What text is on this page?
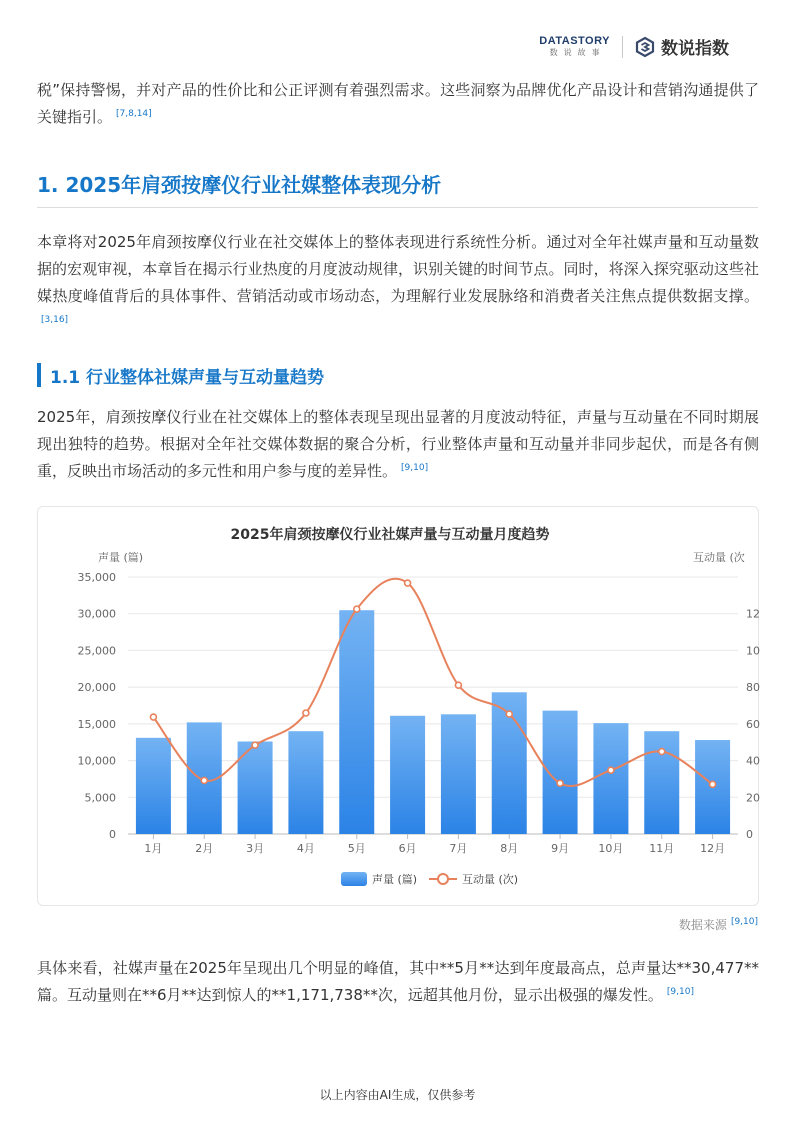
DATASTORY
数说故事	数说指数

税”保持警惕，并对产品的性价比和公正评测有着强烈需求。这些洞察为品牌优化产品设计和营销沟通提供了关键指引。 [7,8,14]

1. 2025年肩颈按摩仪行业社媒整体表现分析

本章将对2025年肩颈按摩仪行业在社交媒体上的整体表现进行系统性分析。通过对全年社媒声量和互动量数据的宏观审视，本章旨在揭示行业热度的月度波动规律，识别关键的时间节点。同时，将深入探究驱动这些社媒热度峰值背后的具体事件、营销活动或市场动态，为理解行业发展脉络和消费者关注焦点提供数据支撑。[3,16]

1.1 行业整体社媒声量与互动量趋势

2025年，肩颈按摩仪行业在社交媒体上的整体表现呈现出显著的月度波动特征，声量与互动量在不同时期展现出独特的趋势。根据对全年社交媒体数据的聚合分析，行业整体声量和互动量并非同步起伏，而是各有侧重，反映出市场活动的多元性和用户参与度的差异性。 [9,10]

2025年肩颈按摩仪行业社媒声量与互动量月度趋势
声量 (篇)	互动量 (次
0
5,000
10,000
15,000
20,000
25,000
30,000
35,000
0
20
40
60
80
10
12
1月	2月	3月	4月	5月	6月	7月	8月	9月	10月 11月 12月
声量 (篇)	互动量 (次)
数据来源 [9,10]

具体来看，社媒声量在2025年呈现出几个明显的峰值，其中**5月**达到年度最高点，总声量达**30,477**篇。互动量则在**6月**达到惊人的**1,171,738**次，远超其他月份，显示出极强的爆发性。 [9,10]

以上内容由AI生成，仅供参考
